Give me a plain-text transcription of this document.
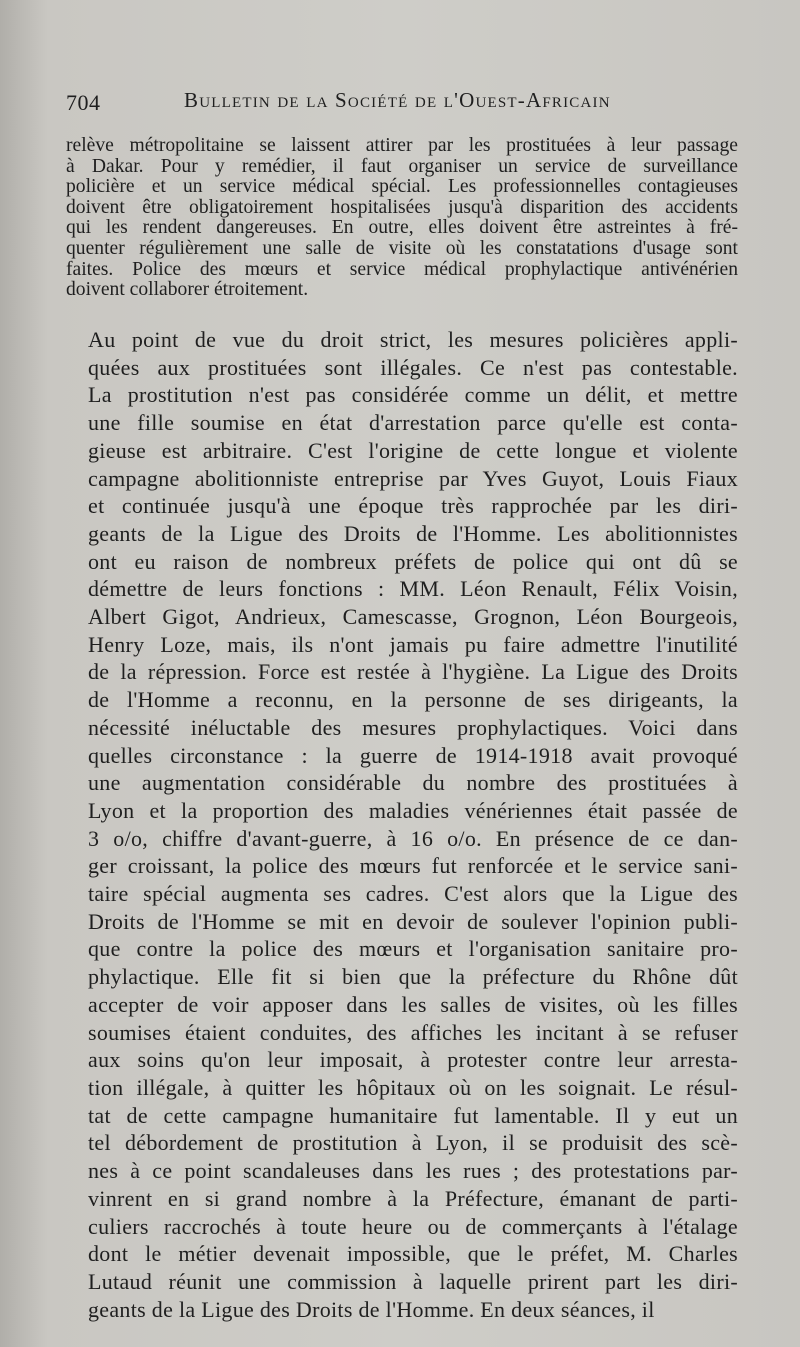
704	Bulletin de la Société de l'Ouest-Africain
relève métropolitaine se laissent attirer par les prostituées à leur passage
à Dakar. Pour y remédier, il faut organiser un service de surveillance
policière et un service médical spécial. Les professionnelles contagieuses
doivent être obligatoirement hospitalisées jusqu'à disparition des accidents
qui les rendent dangereuses. En outre, elles doivent être astreintes à fré-
quenter régulièrement une salle de visite où les constatations d'usage sont
faites. Police des mœurs et service médical prophylactique antivénérien
doivent collaborer étroitement.
Au point de vue du droit strict, les mesures policières appli-
quées aux prostituées sont illégales. Ce n'est pas contestable.
La prostitution n'est pas considérée comme un délit, et mettre
une fille soumise en état d'arrestation parce qu'elle est conta-
gieuse est arbitraire. C'est l'origine de cette longue et violente
campagne abolitionniste entreprise par Yves Guyot, Louis Fiaux
et continuée jusqu'à une époque très rapprochée par les diri-
geants de la Ligue des Droits de l'Homme. Les abolitionnistes
ont eu raison de nombreux préfets de police qui ont dû se
démettre de leurs fonctions : MM. Léon Renault, Félix Voisin,
Albert Gigot, Andrieux, Camescasse, Grognon, Léon Bourgeois,
Henry Loze, mais, ils n'ont jamais pu faire admettre l'inutilité
de la répression. Force est restée à l'hygiène. La Ligue des Droits
de l'Homme a reconnu, en la personne de ses dirigeants, la
nécessité inéluctable des mesures prophylactiques. Voici dans
quelles circonstance : la guerre de 1914-1918 avait provoqué
une augmentation considérable du nombre des prostituées à
Lyon et la proportion des maladies vénériennes était passée de
3 o/o, chiffre d'avant-guerre, à 16 o/o. En présence de ce dan-
ger croissant, la police des mœurs fut renforcée et le service sani-
taire spécial augmenta ses cadres. C'est alors que la Ligue des
Droits de l'Homme se mit en devoir de soulever l'opinion publi-
que contre la police des mœurs et l'organisation sanitaire pro-
phylactique. Elle fit si bien que la préfecture du Rhône dût
accepter de voir apposer dans les salles de visites, où les filles
soumises étaient conduites, des affiches les incitant à se refuser
aux soins qu'on leur imposait, à protester contre leur arresta-
tion illégale, à quitter les hôpitaux où on les soignait. Le résul-
tat de cette campagne humanitaire fut lamentable. Il y eut un
tel débordement de prostitution à Lyon, il se produisit des scè-
nes à ce point scandaleuses dans les rues ; des protestations par-
vinrent en si grand nombre à la Préfecture, émanant de parti-
culiers raccrochés à toute heure ou de commerçants à l'étalage
dont le métier devenait impossible, que le préfet, M. Charles
Lutaud réunit une commission à laquelle prirent part les diri-
geants de la Ligue des Droits de l'Homme. En deux séances, il
